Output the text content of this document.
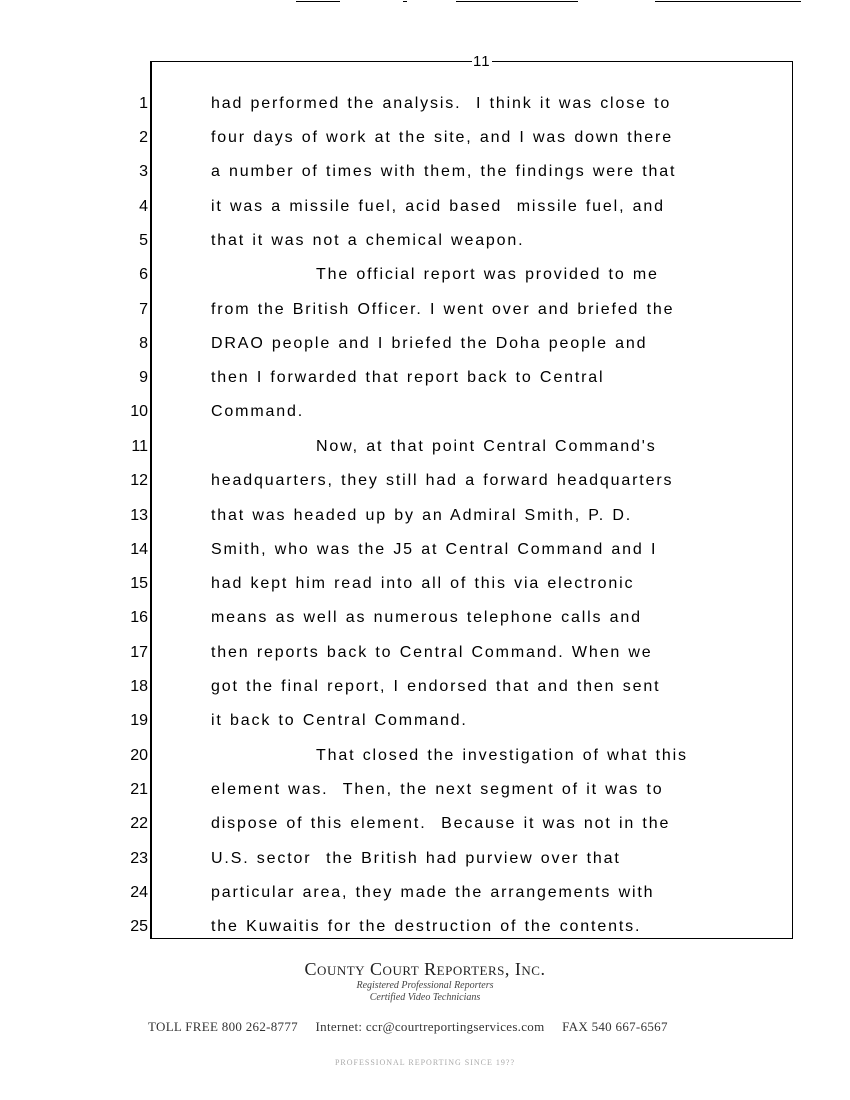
11
1	had performed the analysis.  I think it was close to
2	four days of work at the site, and I was down there
3	a number of times with them, the findings were that
4	it was a missile fuel, acid based  missile fuel, and
5	that it was not a chemical weapon.
6	The official report was provided to me
7	from the British Officer. I went over and briefed the
8	DRAO people and I briefed the Doha people and
9	then I forwarded that report back to Central
10	Command.
11	Now, at that point Central Command's
12	headquarters, they still had a forward headquarters
13	that was headed up by an Admiral Smith, P. D.
14	Smith, who was the J5 at Central Command and I
15	had kept him read into all of this via electronic
16	means as well as numerous telephone calls and
17	then reports back to Central Command. When we
18	got the final report, I endorsed that and then sent
19	it back to Central Command.
20	That closed the investigation of what this
21	element was.  Then, the next segment of it was to
22	dispose of this element.  Because it was not in the
23	U.S. sector  the British had purview over that
24	particular area, they made the arrangements with
25	the Kuwaitis for the destruction of the contents.
County Court Reporters, Inc.
Registered Professional Reporters
Certified Video Technicians
TOLL FREE 800 262-8777 Internet: ccr@courtreportingservices.com FAX 540 667-6567
PROFESSIONAL REPORTING SINCE 19??
